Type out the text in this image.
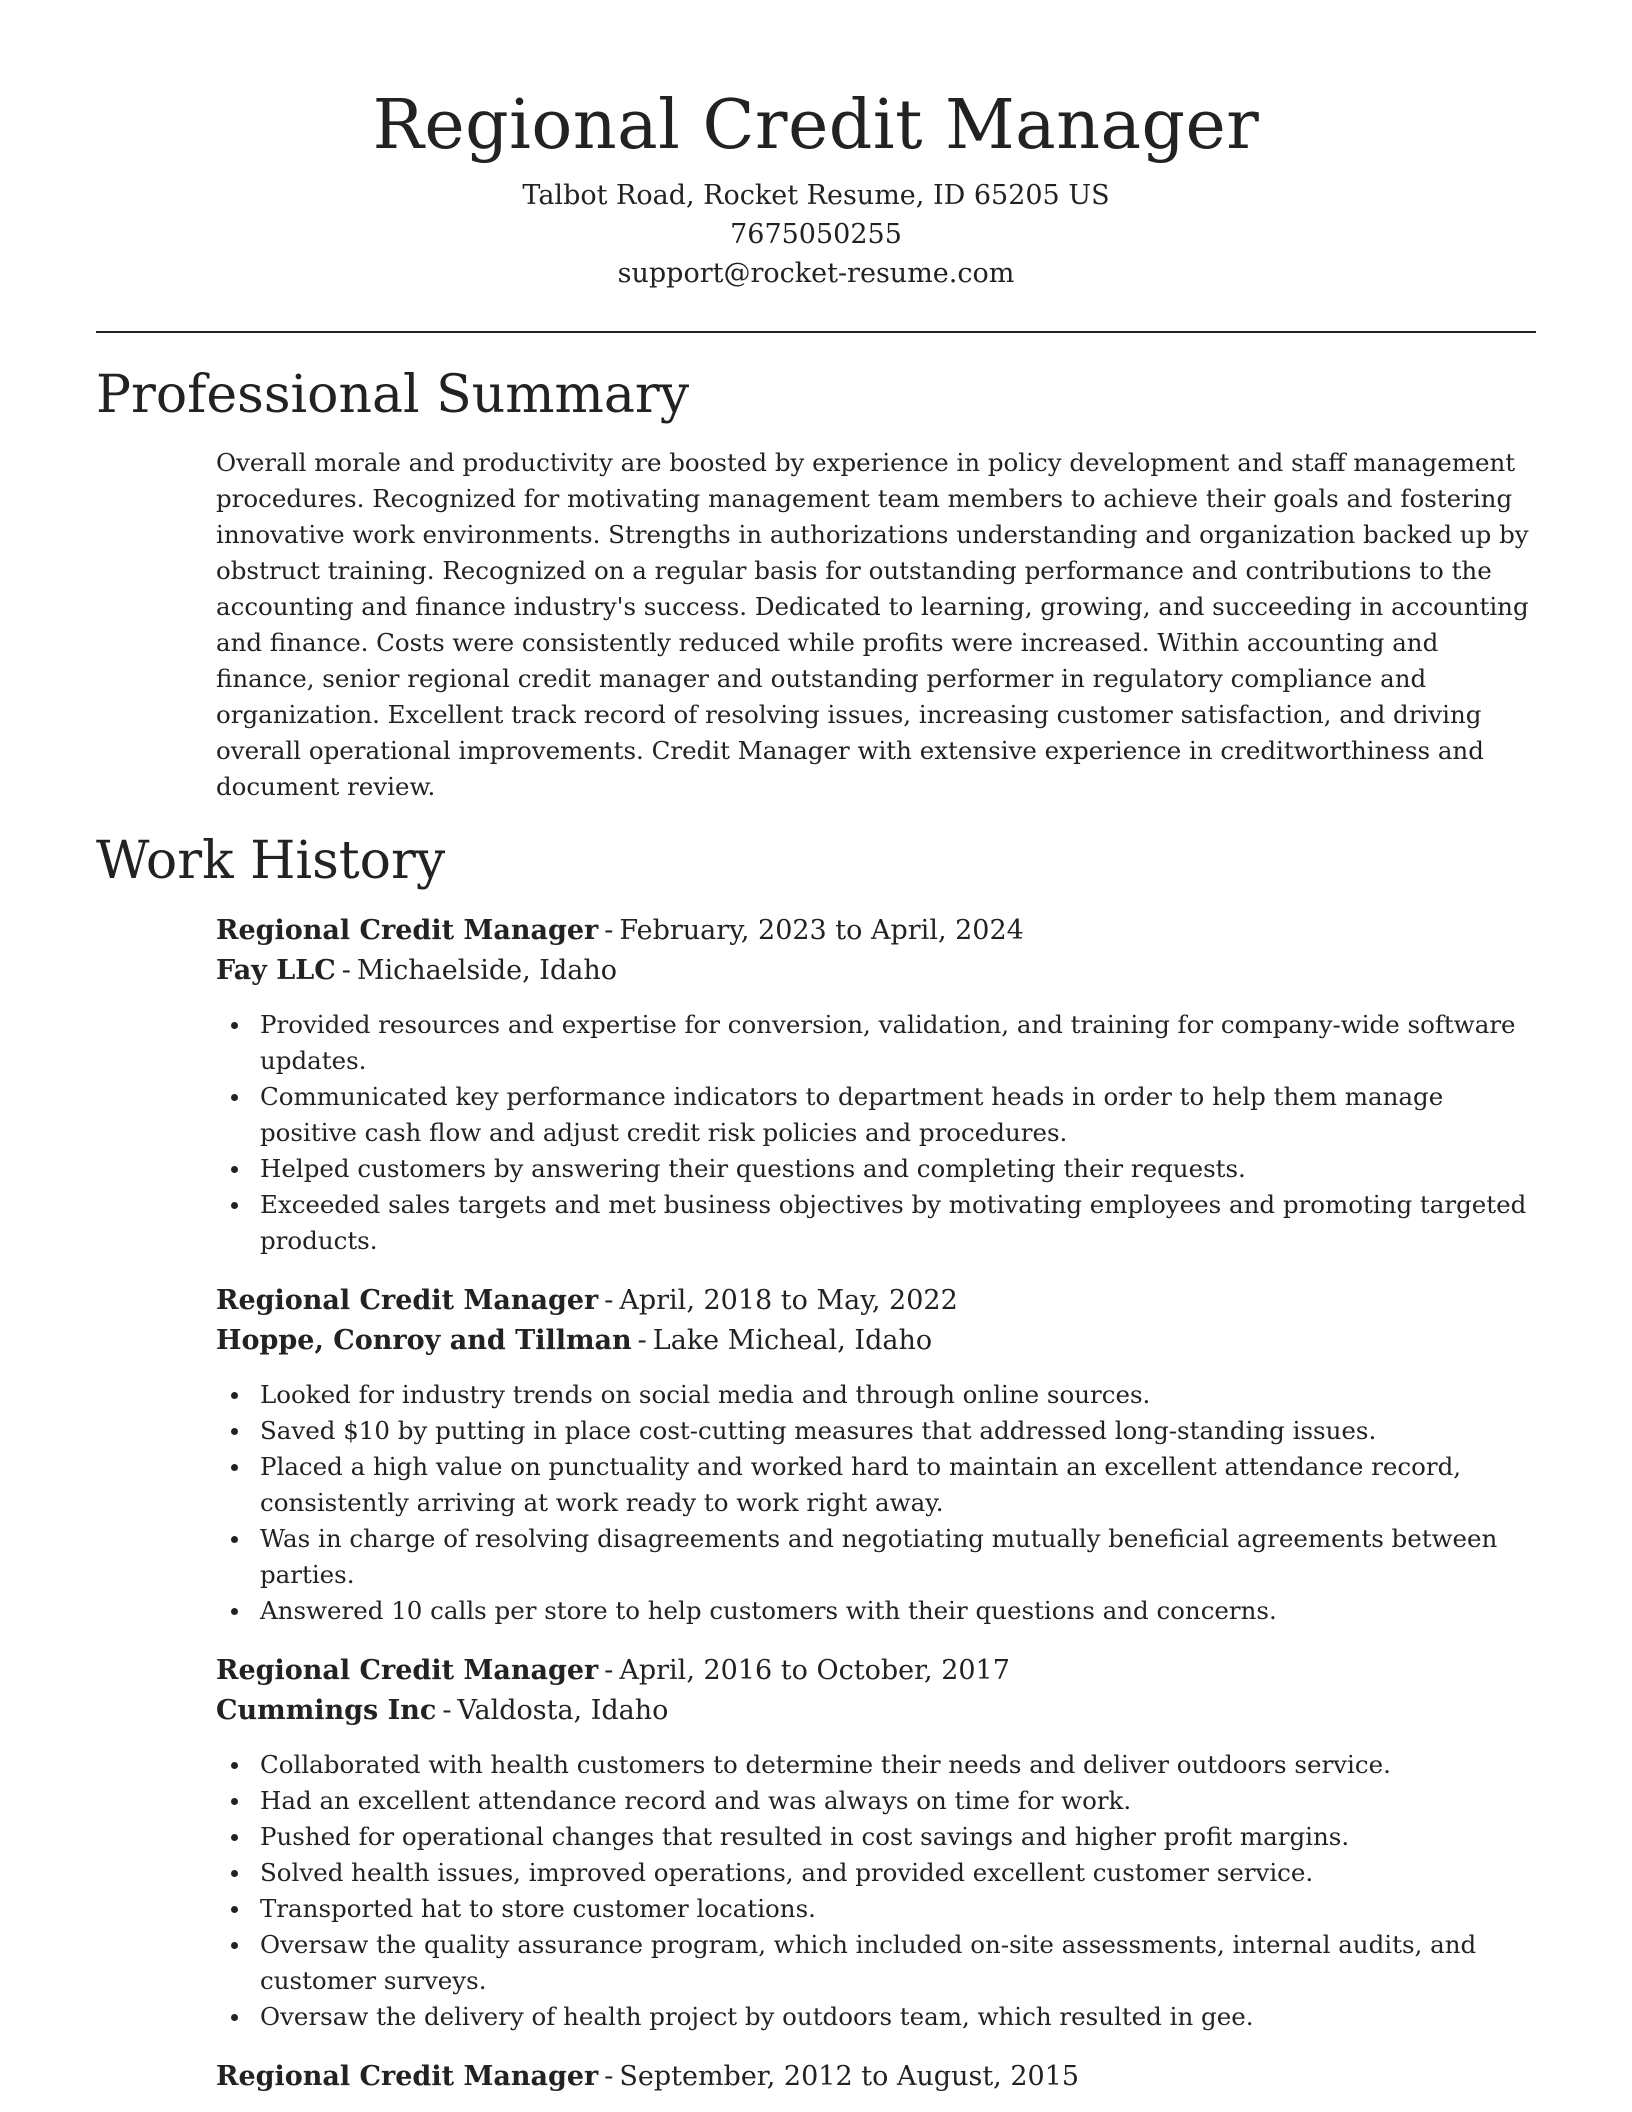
Regional Credit Manager

Talbot Road, Rocket Resume, ID 65205 US

7675050255

support@rocket-resume.com

Professional Summary

Overall morale and productivity are boosted by experience in policy development and staff management procedures. Recognized for motivating management team members to achieve their goals and fostering innovative work environments. Strengths in authorizations understanding and organization backed up by obstruct training. Recognized on a regular basis for outstanding performance and contributions to the accounting and finance industry's success. Dedicated to learning, growing, and succeeding in accounting and finance. Costs were consistently reduced while profits were increased. Within accounting and finance, senior regional credit manager and outstanding performer in regulatory compliance and organization. Excellent track record of resolving issues, increasing customer satisfaction, and driving overall operational improvements. Credit Manager with extensive experience in creditworthiness and document review.

Work History

Regional Credit Manager - February, 2023 to April, 2024

Fay LLC - Michaelside, Idaho

Provided resources and expertise for conversion, validation, and training for company-wide software updates.
Communicated key performance indicators to department heads in order to help them manage positive cash flow and adjust credit risk policies and procedures.
Helped customers by answering their questions and completing their requests.
Exceeded sales targets and met business objectives by motivating employees and promoting targeted products.

Regional Credit Manager - April, 2018 to May, 2022

Hoppe, Conroy and Tillman - Lake Micheal, Idaho

Looked for industry trends on social media and through online sources.
Saved $10 by putting in place cost-cutting measures that addressed long-standing issues.
Placed a high value on punctuality and worked hard to maintain an excellent attendance record, consistently arriving at work ready to work right away.
Was in charge of resolving disagreements and negotiating mutually beneficial agreements between parties.
Answered 10 calls per store to help customers with their questions and concerns.

Regional Credit Manager - April, 2016 to October, 2017

Cummings Inc - Valdosta, Idaho

Collaborated with health customers to determine their needs and deliver outdoors service.
Had an excellent attendance record and was always on time for work.
Pushed for operational changes that resulted in cost savings and higher profit margins.
Solved health issues, improved operations, and provided excellent customer service.
Transported hat to store customer locations.
Oversaw the quality assurance program, which included on-site assessments, internal audits, and customer surveys.
Oversaw the delivery of health project by outdoors team, which resulted in gee.

Regional Credit Manager - September, 2012 to August, 2015
